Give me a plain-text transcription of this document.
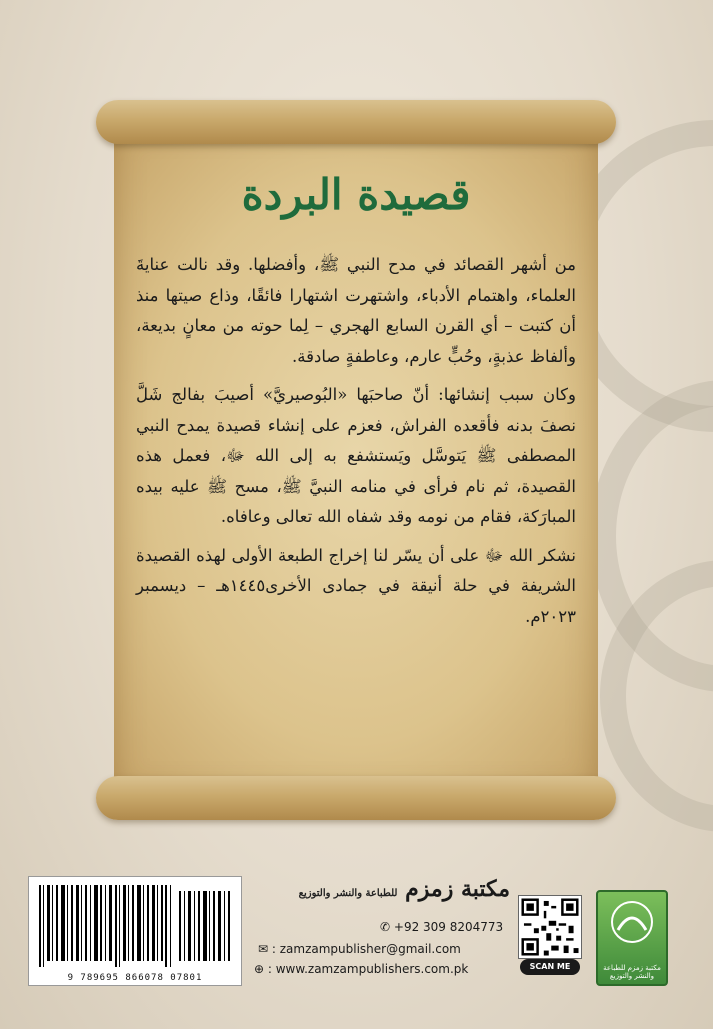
قصيدة البردة

من أشهر القصائد في مدح النبي ﷺ، وأفضلها. وقد نالت عنايةَ العلماء، واهتمام الأدباء، واشتهرت اشتهارا فائقًا، وذاع صيتها منذ أن كتبت – أي القرن السابع الهجري – لِما حوته من معانٍ بديعة، وألفاظ عذبةٍ، وحُبٍّ عارم، وعاطفةٍ صادقة.

وكان سبب إنشائها: أنّ صاحبَها «البُوصيريَّ» أصيبَ بفالج شَلَّ نصفَ بدنه فأقعده الفراش، فعزم على إنشاء قصيدة يمدح النبي المصطفى ﷺ يَتوسَّل ويَستشفع به إلى الله ﷻ، فعمل هذه القصيدة، ثم نام فرأى في منامه النبيَّ ﷺ، مسح ﷺ عليه بيده المبارَكة، فقام من نومه وقد شفاه الله تعالى وعافاه.

نشكر الله ﷻ على أن يسّر لنا إخراج الطبعة الأولى لهذه القصيدة الشريفة في حلة أنيقة في جمادى الأخرى١٤٤٥هـ – ديسمبر ٢٠٢٣م.

9 789695 866078 07801
مكتبة زمزم للطباعة والنشر والتوزيع
✆ +92 309 8204773
✉ : zamzampublisher@gmail.com
⊕ : www.zamzampublishers.com.pk	SCAN ME	مكتبة زمزم للطباعة والنشر والتوزيع
